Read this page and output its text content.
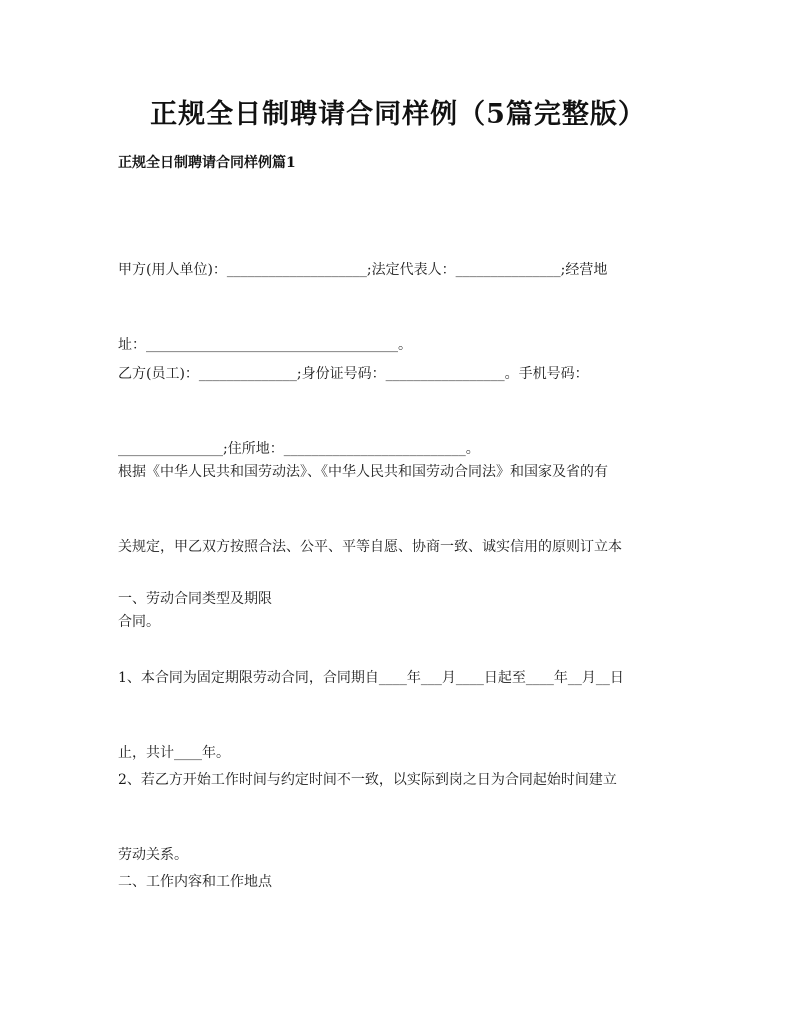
正规全日制聘请合同样例（5篇完整版）

正规全日制聘请合同样例篇1

甲方(用人单位)：____________________;法定代表人：_______________;经营地

址：____________________________________。

乙方(员工)：______________;身份证号码：_________________。手机号码：

_______________;住所地：__________________________。

根据《中华人民共和国劳动法》、《中华人民共和国劳动合同法》和国家及省的有

关规定，甲乙双方按照合法、公平、平等自愿、协商一致、诚实信用的原则订立本

合同。

一、劳动合同类型及期限

1、本合同为固定期限劳动合同，合同期自____年___月____日起至____年__月__日

止，共计____年。

2、若乙方开始工作时间与约定时间不一致，以实际到岗之日为合同起始时间建立

劳动关系。

二、工作内容和工作地点
